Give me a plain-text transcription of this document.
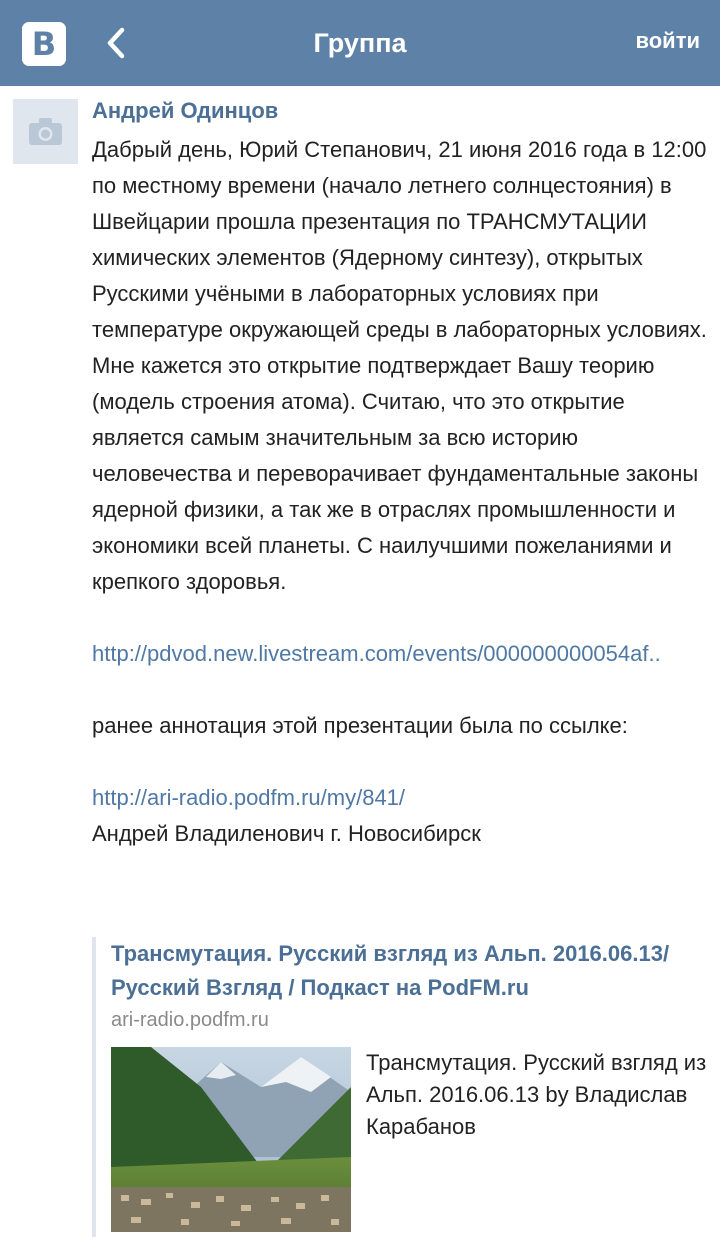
В	Группа	войти
Андрей Одинцов

Дабрый день, Юрий Степанович, 21 июня 2016 года в 12:00 по местному времени (начало летнего солнцестояния) в Швейцарии прошла презентация по ТРАНСМУТАЦИИ химических элементов (Ядерному синтезу), открытых Русскими учёными в лабораторных условиях при температуре окружающей среды в лабораторных условиях. Мне кажется это открытие подтверждает Вашу теорию (модель строения атома). Считаю, что это открытие является самым значительным за всю историю человечества и переворачивает фундаментальные законы ядерной физики, а так же в отраслях промышленности и экономики всей планеты. С наилучшими пожеланиями и крепкого здоровья.

http://pdvod.new.livestream.com/events/000000000054af..

ранее аннотация этой презентации была по ссылке:

http://ari-radio.podfm.ru/my/841/

Андрей Владиленович г. Новосибирск

Трансмутация. Русский взгляд из Альп. 2016.06.13/ Русский Взгляд / Подкаст на PodFM.ru
ari-radio.podfm.ru
Трансмутация. Русский взгляд из Альп. 2016.06.13 by Владислав Карабанов
